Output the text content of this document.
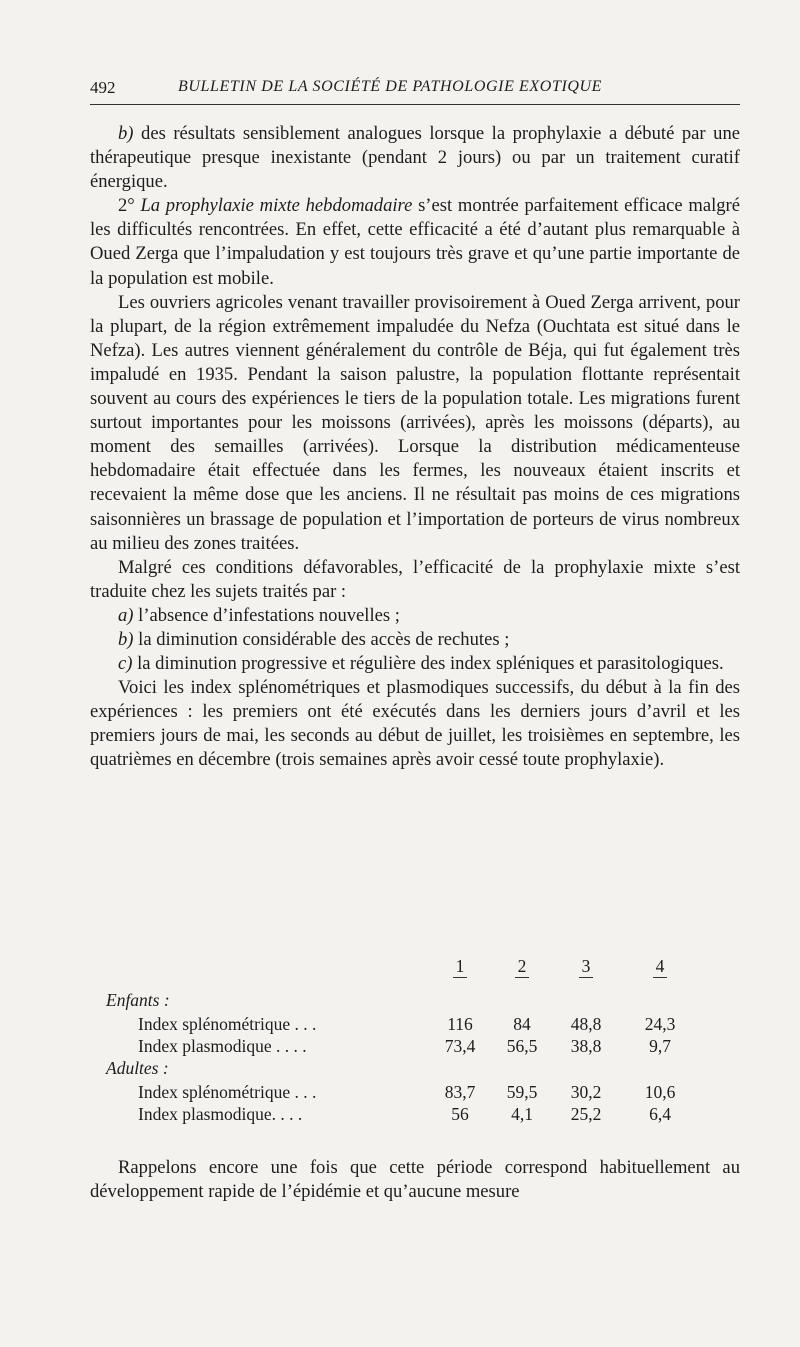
492	BULLETIN DE LA SOCIÉTÉ DE PATHOLOGIE EXOTIQUE

b) des résultats sensiblement analogues lorsque la prophylaxie a débuté par une thérapeutique presque inexistante (pendant 2 jours) ou par un traitement curatif énergique.

2° La prophylaxie mixte hebdomadaire s’est montrée parfaitement efficace malgré les difficultés rencontrées. En effet, cette efficacité a été d’autant plus remarquable à Oued Zerga que l’impaludation y est toujours très grave et qu’une partie importante de la population est mobile.

Les ouvriers agricoles venant travailler provisoirement à Oued Zerga arrivent, pour la plupart, de la région extrêmement impaludée du Nefza (Ouchtata est situé dans le Nefza). Les autres viennent généralement du contrôle de Béja, qui fut également très impaludé en 1935. Pendant la saison palustre, la population flottante représentait souvent au cours des expériences le tiers de la population totale. Les migrations furent surtout importantes pour les moissons (arrivées), après les moissons (départs), au moment des semailles (arrivées). Lorsque la distribution médicamenteuse hebdomadaire était effectuée dans les fermes, les nouveaux étaient inscrits et recevaient la même dose que les anciens. Il ne résultait pas moins de ces migrations saisonnières un brassage de population et l’importation de porteurs de virus nombreux au milieu des zones traitées.

Malgré ces conditions défavorables, l’efficacité de la prophylaxie mixte s’est traduite chez les sujets traités par :

a) l’absence d’infestations nouvelles ;

b) la diminution considérable des accès de rechutes ;

c) la diminution progressive et régulière des index spléniques et parasitologiques.

Voici les index splénométriques et plasmodiques successifs, du début à la fin des expériences : les premiers ont été exécutés dans les derniers jours d’avril et les premiers jours de mai, les seconds au début de juillet, les troisièmes en septembre, les quatrièmes en décembre (trois semaines après avoir cessé toute prophylaxie).

1	2	3	4
Enfants :
Index splénométrique . . .	116	84	48,8	24,3
Index plasmodique . . . .	73,4	56,5	38,8	9,7
Adultes :
Index splénométrique . . .	83,7	59,5	30,2	10,6
Index plasmodique. . . .	56	4,1	25,2	6,4

Rappelons encore une fois que cette période correspond habituellement au développement rapide de l’épidémie et qu’aucune mesure
